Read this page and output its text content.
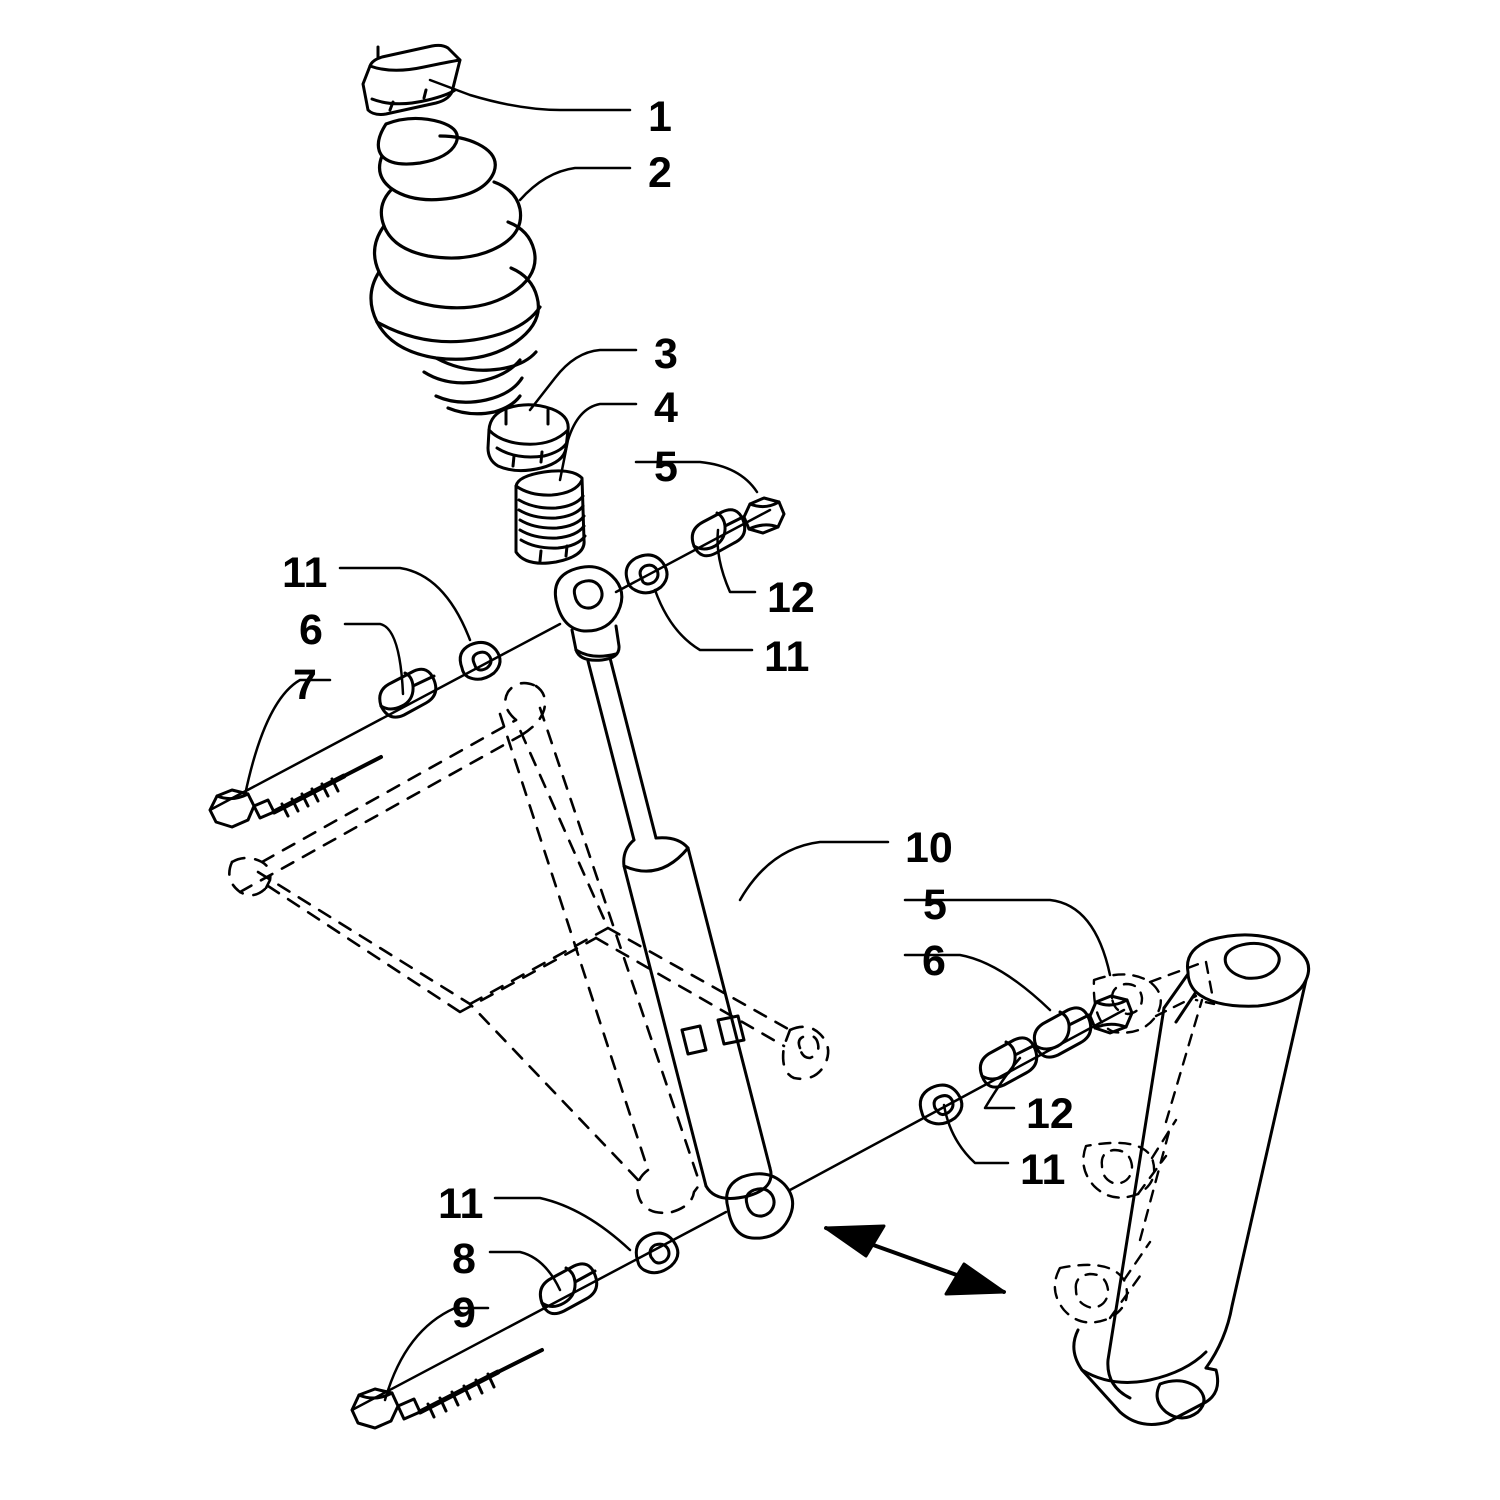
1
2
3
4
5
11
6
7
12
11
10
5
6
12
11
11
8
9
